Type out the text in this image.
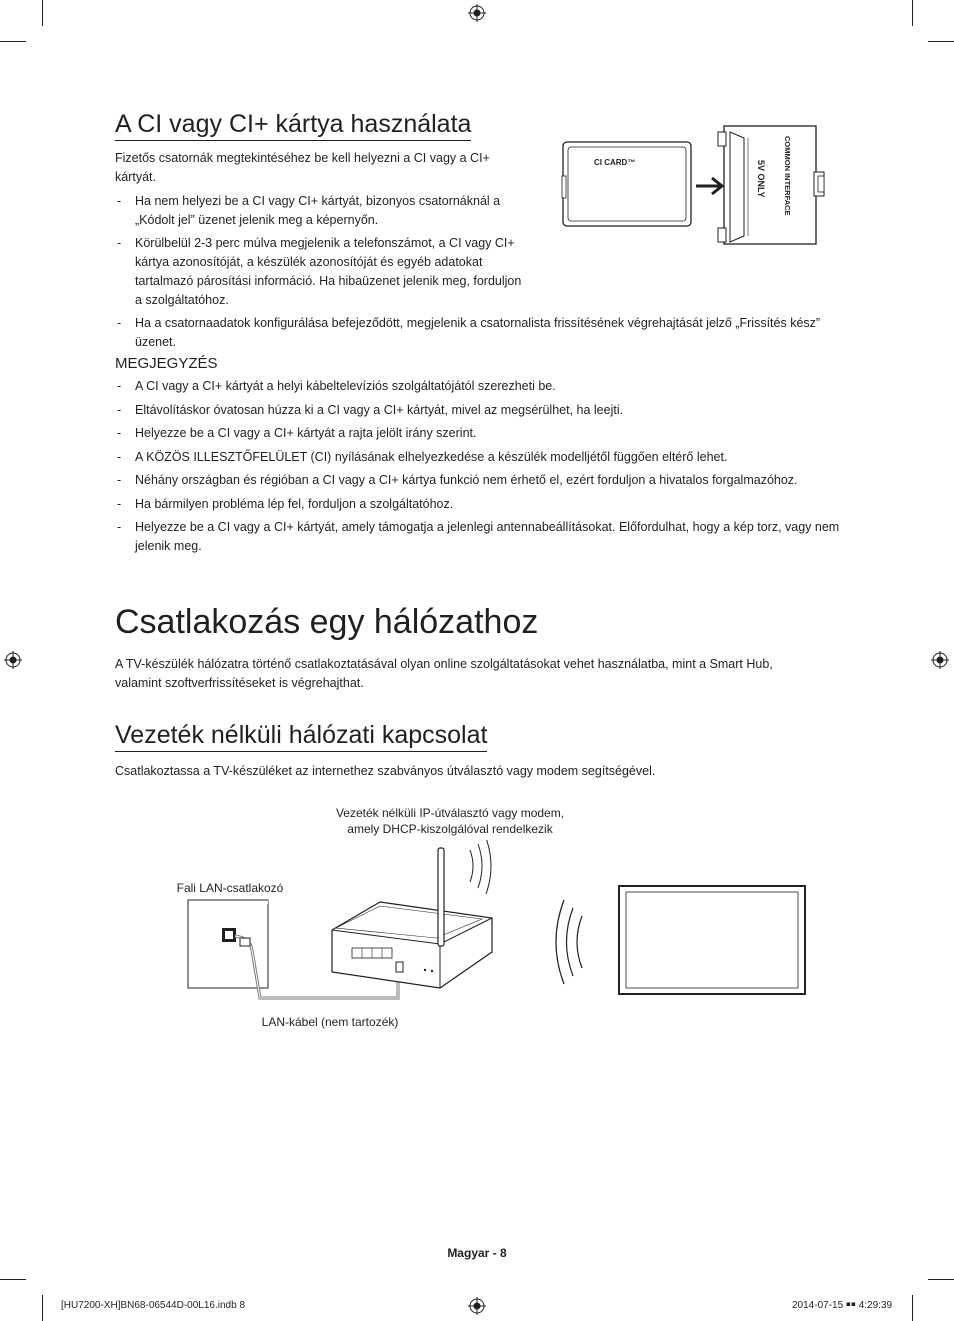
A CI vagy CI+ kártya használata

Fizetős csatornák megtekintéséhez be kell helyezni a CI vagy a CI+ kártyát.

- Ha nem helyezi be a CI vagy CI+ kártyát, bizonyos csatornáknál a „Kódolt jel” üzenet jelenik meg a képernyőn.
- Körülbelül 2-3 perc múlva megjelenik a telefonszámot, a CI vagy CI+ kártya azonosítóját, a készülék azonosítóját és egyéb adatokat tartalmazó párosítási információ. Ha hibaüzenet jelenik meg, forduljon a szolgáltatóhoz.
- Ha a csatornaadatok konfigurálása befejeződött, megjelenik a csatornalista frissítésének végrehajtását jelző „Frissítés kész” üzenet.
CI CARD™	COMMON INTERFACE
5V ONLY
MEGJEGYZÉS
- A CI vagy a CI+ kártyát a helyi kábeltelevíziós szolgáltatójától szerezheti be.
- Eltávolításkor óvatosan húzza ki a CI vagy a CI+ kártyát, mivel az megsérülhet, ha leejti.
- Helyezze be a CI vagy a CI+ kártyát a rajta jelölt irány szerint.
- A KÖZÖS ILLESZTŐFELÜLET (CI) nyílásának elhelyezkedése a készülék modelljétől függően eltérő lehet.
- Néhány országban és régióban a CI vagy a CI+ kártya funkció nem érhető el, ezért forduljon a hivatalos forgalmazóhoz.
- Ha bármilyen probléma lép fel, forduljon a szolgáltatóhoz.
- Helyezze be a CI vagy a CI+ kártyát, amely támogatja a jelenlegi antennabeállításokat. Előfordulhat, hogy a kép torz, vagy nem jelenik meg.
Csatlakozás egy hálózathoz

A TV-készülék hálózatra történő csatlakoztatásával olyan online szolgáltatásokat vehet használatba, mint a Smart Hub, valamint szoftverfrissítéseket is végrehajthat.

Vezeték nélküli hálózati kapcsolat

Csatlakoztassa a TV-készüléket az internethez szabványos útválasztó vagy modem segítségével.

Vezeték nélküli IP-útválasztó vagy modem,
amely DHCP-kiszolgálóval rendelkezik
Fali LAN-csatlakozó
LAN-kábel (nem tartozék)
Magyar - 8
[HU7200-XH]BN68-06544D-00L16.indb 8	2014-07-15 ￭￭ 4:29:39
